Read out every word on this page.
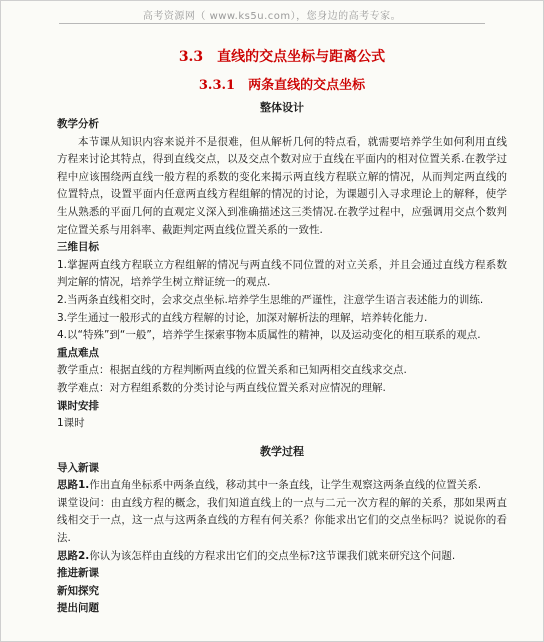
高考资源网（ www.ks5u.com），您身边的高考专家。
3.3　直线的交点坐标与距离公式
3.3.1　两条直线的交点坐标
整体设计

教学分析

本节课从知识内容来说并不是很难，但从解析几何的特点看，就需要培养学生如何利用直线方程来讨论其特点，得到直线交点，以及交点个数对应于直线在平面内的相对位置关系.在教学过程中应该围绕两直线一般方程的系数的变化来揭示两直线方程联立解的情况，从而判定两直线的位置特点，设置平面内任意两直线方程组解的情况的讨论，为课题引入寻求理论上的解释，使学生从熟悉的平面几何的直观定义深入到准确描述这三类情况.在教学过程中，应强调用交点个数判定位置关系与用斜率、截距判定两直线位置关系的一致性.

三维目标

1.掌握两直线方程联立方程组解的情况与两直线不同位置的对立关系，并且会通过直线方程系数判定解的情况，培养学生树立辩证统一的观点.

2.当两条直线相交时，会求交点坐标.培养学生思维的严谨性，注意学生语言表述能力的训练.

3.学生通过一般形式的直线方程解的讨论，加深对解析法的理解，培养转化能力.

4.以“特殊”到“一般”，培养学生探索事物本质属性的精神，以及运动变化的相互联系的观点.

重点难点

教学重点：根据直线的方程判断两直线的位置关系和已知两相交直线求交点.

教学难点：对方程组系数的分类讨论与两直线位置关系对应情况的理解.

课时安排

1课时

教学过程

导入新课

思路1.作出直角坐标系中两条直线，移动其中一条直线，让学生观察这两条直线的位置关系.

课堂设问：由直线方程的概念，我们知道直线上的一点与二元一次方程的解的关系，那如果两直线相交于一点，这一点与这两条直线的方程有何关系？你能求出它们的交点坐标吗？说说你的看法.

思路2.你认为该怎样由直线的方程求出它们的交点坐标?这节课我们就来研究这个问题.

推进新课

新知探究

提出问题
